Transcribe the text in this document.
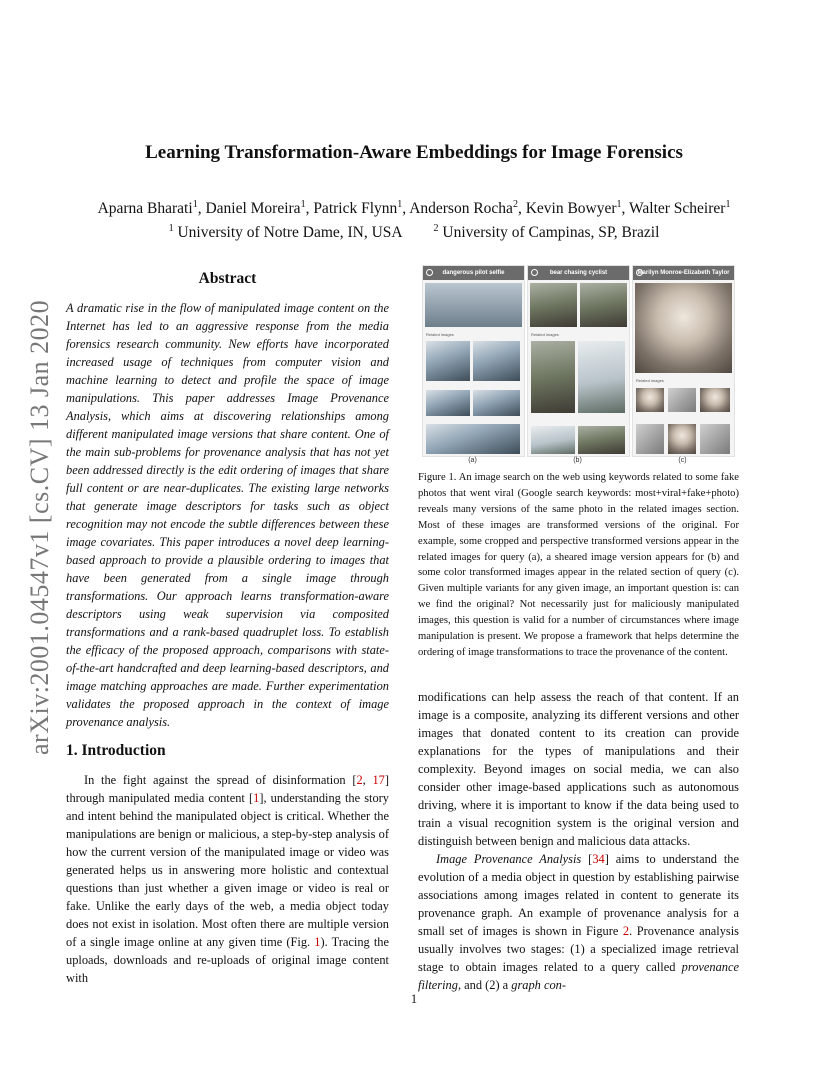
arXiv:2001.04547v1 [cs.CV] 13 Jan 2020
Learning Transformation-Aware Embeddings for Image Forensics
Aparna Bharati$^1$, Daniel Moreira$^1$, Patrick Flynn$^1$, Anderson Rocha$^2$, Kevin Bowyer$^1$, Walter Scheirer$^1$
$^1$ University of Notre Dame, IN, USA	$^2$ University of Campinas, SP, Brazil
Abstract
A dramatic rise in the flow of manipulated image content on the Internet has led to an aggressive response from the media forensics research community. New efforts have incorporated increased usage of techniques from computer vision and machine learning to detect and profile the space of image manipulations. This paper addresses Image Provenance Analysis, which aims at discovering relationships among different manipulated image versions that share content. One of the main sub-problems for provenance analysis that has not yet been addressed directly is the edit ordering of images that share full content or are near-duplicates. The existing large networks that generate image descriptors for tasks such as object recognition may not encode the subtle differences between these image covariates. This paper introduces a novel deep learning-based approach to provide a plausible ordering to images that have been generated from a single image through transformations. Our approach learns transformation-aware descriptors using weak supervision via composited transformations and a rank-based quadruplet loss. To establish the efficacy of the proposed approach, comparisons with state-of-the-art handcrafted and deep learning-based descriptors, and image matching approaches are made. Further experimentation validates the proposed approach in the context of image provenance analysis.
1. Introduction
In the fight against the spread of disinformation [2, 17] through manipulated media content [1], understanding the story and intent behind the manipulated object is critical. Whether the manipulations are benign or malicious, a step-by-step analysis of how the current version of the manipulated image or video was generated helps us in answering more holistic and contextual questions than just whether a given image or video is real or fake. Unlike the early days of the web, a media object today does not exist in isolation. Most often there are multiple version of a single image online at any given time (Fig. 1). Tracing the uploads, downloads and re-uploads of original image content with
dangerous pilot selfie
Related images
bear chasing cyclist
Related images
Marilyn Monroe-Elizabeth Taylor
Related images
(a)	(b)	(c)
Figure 1. An image search on the web using keywords related to some fake photos that went viral (Google search keywords: most+viral+fake+photo) reveals many versions of the same photo in the related images section. Most of these images are transformed versions of the original. For example, some cropped and perspective transformed versions appear in the related images for query (a), a sheared image version appears for (b) and some color transformed images appear in the related section of query (c). Given multiple variants for any given image, an important question is: can we find the original? Not necessarily just for maliciously manipulated images, this question is valid for a number of circumstances where image manipulation is present. We propose a framework that helps determine the ordering of image transformations to trace the provenance of the content.

modifications can help assess the reach of that content. If an image is a composite, analyzing its different versions and other images that donated content to its creation can provide explanations for the types of manipulations and their complexity. Beyond images on social media, we can also consider other image-based applications such as autonomous driving, where it is important to know if the data being used to train a visual recognition system is the original version and distinguish between benign and malicious data attacks.

Image Provenance Analysis [34] aims to understand the evolution of a media object in question by establishing pairwise associations among images related in content to generate its provenance graph. An example of provenance analysis for a small set of images is shown in Figure 2. Provenance analysis usually involves two stages: (1) a specialized image retrieval stage to obtain images related to a query called provenance filtering, and (2) a graph con-

1
